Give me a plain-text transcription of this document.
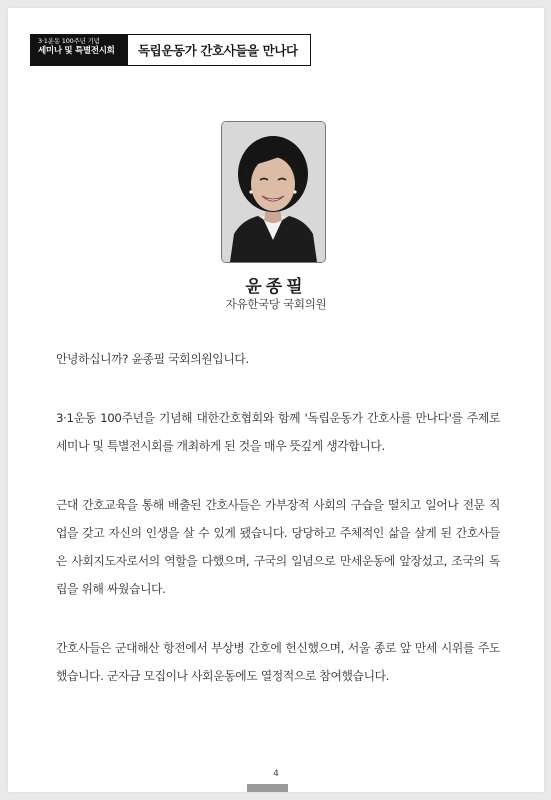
3·1운동 100주년 기념
세미나 및 특별전시회	독립운동가 간호사들을 만나다
윤종필
자유한국당 국회의원

안녕하십니까? 윤종필 국회의원입니다.

3·1운동 100주년을 기념해 대한간호협회와 함께 '독립운동가 간호사를 만나다'를 주제로 세미나 및 특별전시회를 개최하게 된 것을 매우 뜻깊게 생각합니다.

근대 간호교육을 통해 배출된 간호사들은 가부장적 사회의 구습을 떨치고 일어나 전문 직업을 갖고 자신의 인생을 살 수 있게 됐습니다. 당당하고 주체적인 삶을 살게 된 간호사들은 사회지도자로서의 역할을 다했으며, 구국의 일념으로 만세운동에 앞장섰고, 조국의 독립을 위해 싸웠습니다.

간호사들은 군대해산 항전에서 부상병 간호에 헌신했으며, 서울 종로 앞 만세 시위를 주도했습니다. 군자금 모집이나 사회운동에도 열정적으로 참여했습니다.

4
